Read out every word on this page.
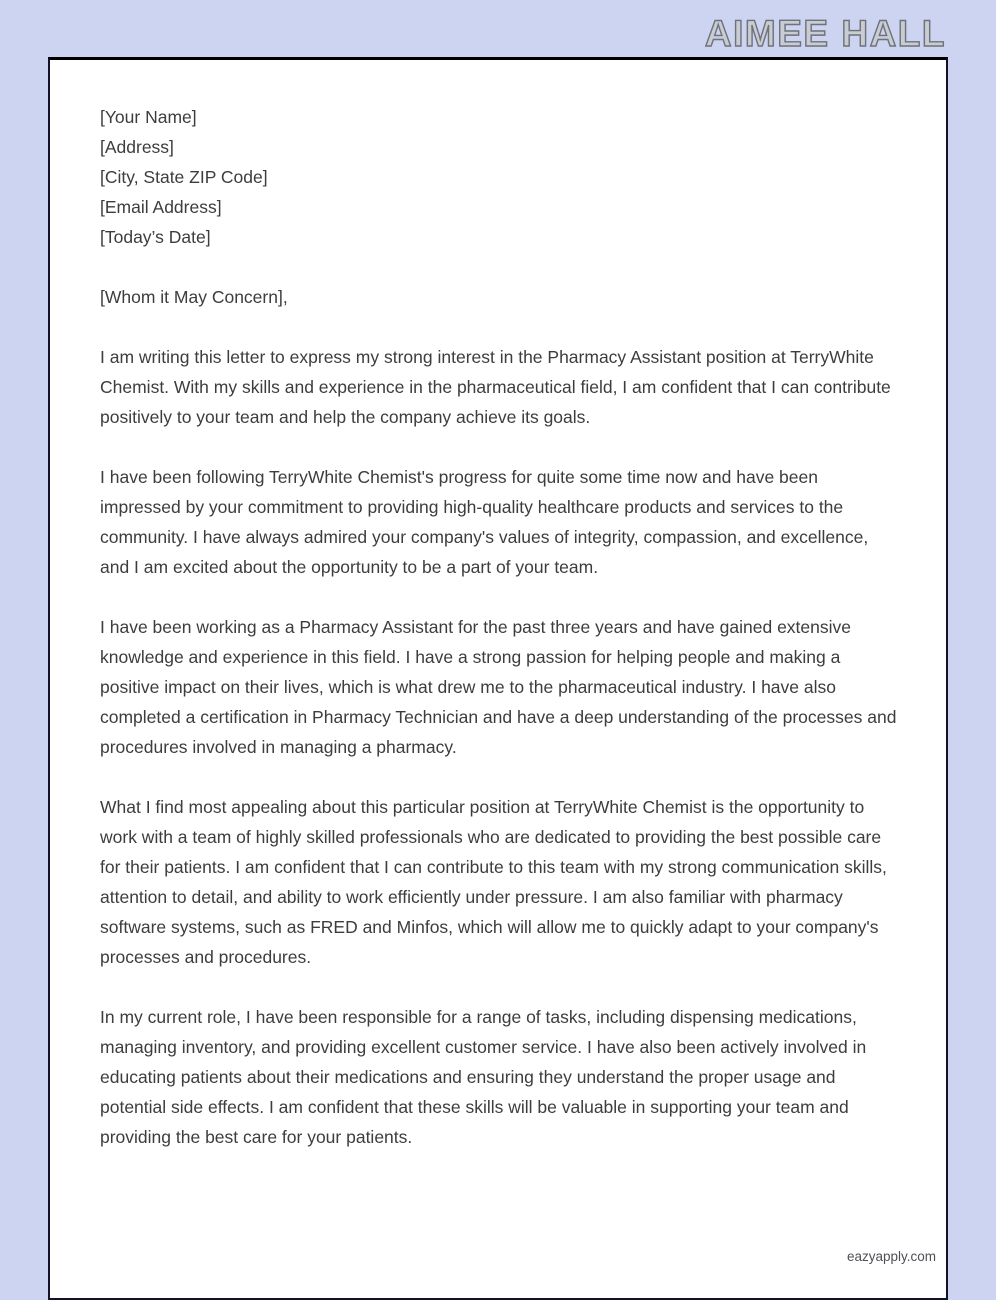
AIMEE HALL

[Your Name]

[Address]

[City, State ZIP Code]

[Email Address]

[Today’s Date]

[Whom it May Concern],

I am writing this letter to express my strong interest in the Pharmacy Assistant position at TerryWhite Chemist. With my skills and experience in the pharmaceutical field, I am confident that I can contribute positively to your team and help the company achieve its goals.

I have been following TerryWhite Chemist's progress for quite some time now and have been impressed by your commitment to providing high-quality healthcare products and services to the community. I have always admired your company's values of integrity, compassion, and excellence, and I am excited about the opportunity to be a part of your team.

I have been working as a Pharmacy Assistant for the past three years and have gained extensive knowledge and experience in this field. I have a strong passion for helping people and making a positive impact on their lives, which is what drew me to the pharmaceutical industry. I have also completed a certification in Pharmacy Technician and have a deep understanding of the processes and procedures involved in managing a pharmacy.

What I find most appealing about this particular position at TerryWhite Chemist is the opportunity to work with a team of highly skilled professionals who are dedicated to providing the best possible care for their patients. I am confident that I can contribute to this team with my strong communication skills, attention to detail, and ability to work efficiently under pressure. I am also familiar with pharmacy software systems, such as FRED and Minfos, which will allow me to quickly adapt to your company's processes and procedures.

In my current role, I have been responsible for a range of tasks, including dispensing medications, managing inventory, and providing excellent customer service. I have also been actively involved in educating patients about their medications and ensuring they understand the proper usage and potential side effects. I am confident that these skills will be valuable in supporting your team and providing the best care for your patients.

eazyapply.com
